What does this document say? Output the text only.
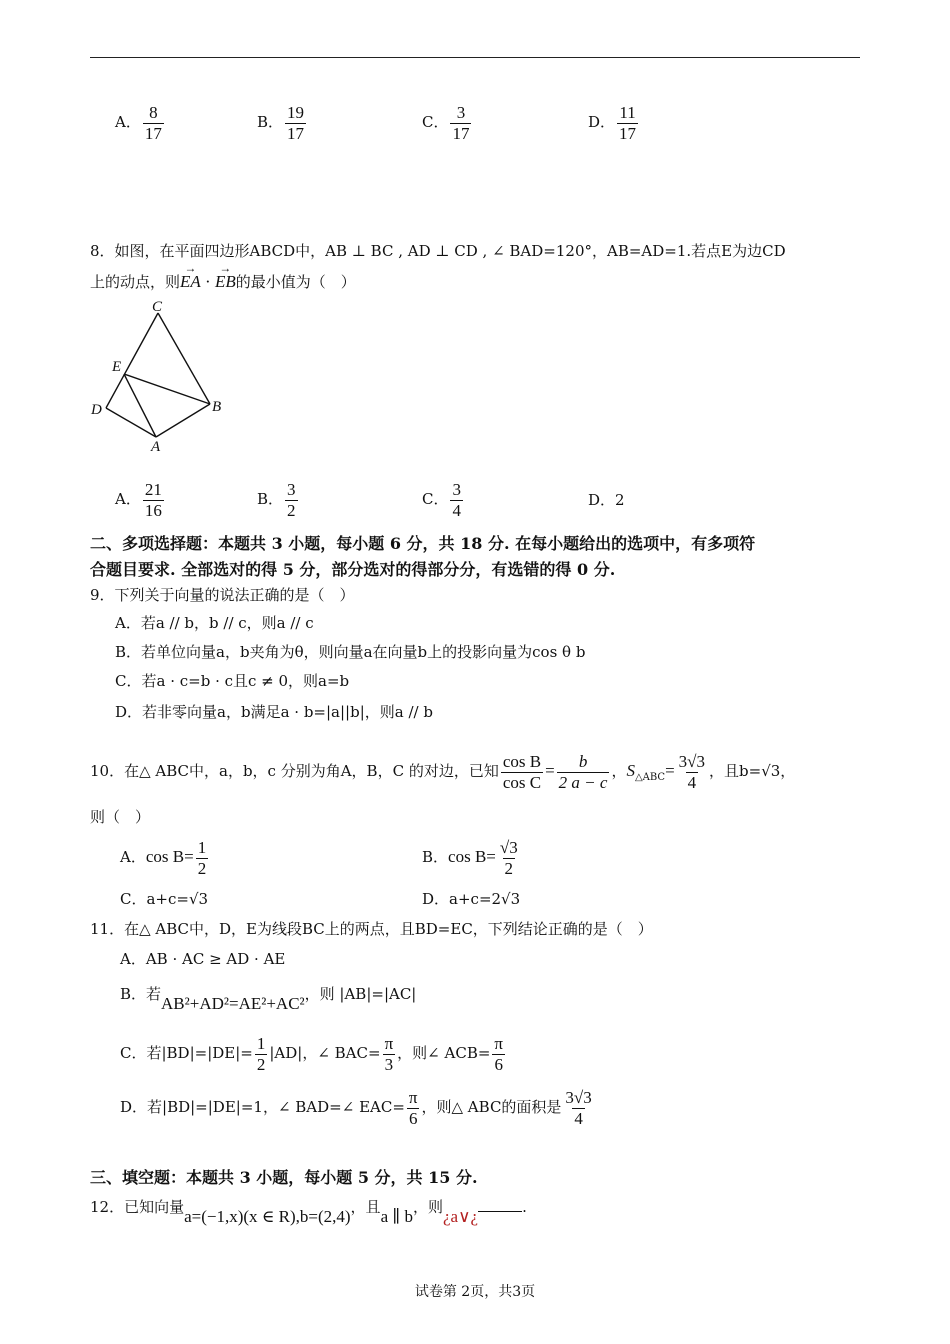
A． $\frac{8}{17}$	B． $\frac{19}{17}$	C． $\frac{3}{17}$	D． $\frac{11}{17}$
8．如图，在平面四边形ABCD中，AB ⊥ BC , AD ⊥ CD , ∠ BAD=120°，AB=AD=1.若点E为边CD
上的动点，则→ EA · → EB的最小值为（　）
C
E
D
A
B
A． $\frac{21}{16}$	B． $\frac{3}{2}$	C． $\frac{3}{4}$	D．2
二、多项选择题：本题共 3 小题，每小题 6 分，共 18 分. 在每小题给出的选项中，有多项符
合题目要求. 全部选对的得 5 分，部分选对的得部分分，有选错的得 0 分.
9．下列关于向量的说法正确的是（　）
A．若a // b，b // c，则a // c
B．若单位向量a，b夹角为θ，则向量a在向量b上的投影向量为cos θ b
C．若a · c=b · c且c ≠ 0，则a=b
D．若非零向量a，b满足a · b=|a||b|，则a // b
10．在△ ABC中，a，b，c 分别为角A，B，C 的对边，已知 $\frac{\text{cos B}}{\text{cos C}} = \frac{b}{2 a - c}$ ，$S_{\triangle ABC}= \frac{3√3}{4}$ ，且b=√3，
则（　）
A．$\cos B= \frac{1}{2}$	B．$\cos B= \frac{√3}{2}$
C．a+c=√3	D．a+c=2√3
11．在△ ABC中，D，E为线段BC上的两点，且BD=EC，下列结论正确的是（　）
A．AB · AC ≥ AD · AE
B．若AB²+AD²=AE²+AC²，则 |AB|=|AC|
C．若$|BD|=|DE|= \frac{1}{2} |AD|$，∠ $BAC= \frac{\pi}{3}$ ，则∠ $ACB= \frac{\pi}{6}$
D．若|BD|=|DE|=1，∠ BAD=∠ $EAC= \frac{\pi}{6}$ ，则△ ABC的面积是 $\frac{3√3}{4}$
三、填空题：本题共 3 小题，每小题 5 分，共 15 分.
12．已知向量a=(−1,x)(x ∈ R),b=(2,4)，且a ∥ b，则¿a∨¿	.
试卷第 2页，共3页
